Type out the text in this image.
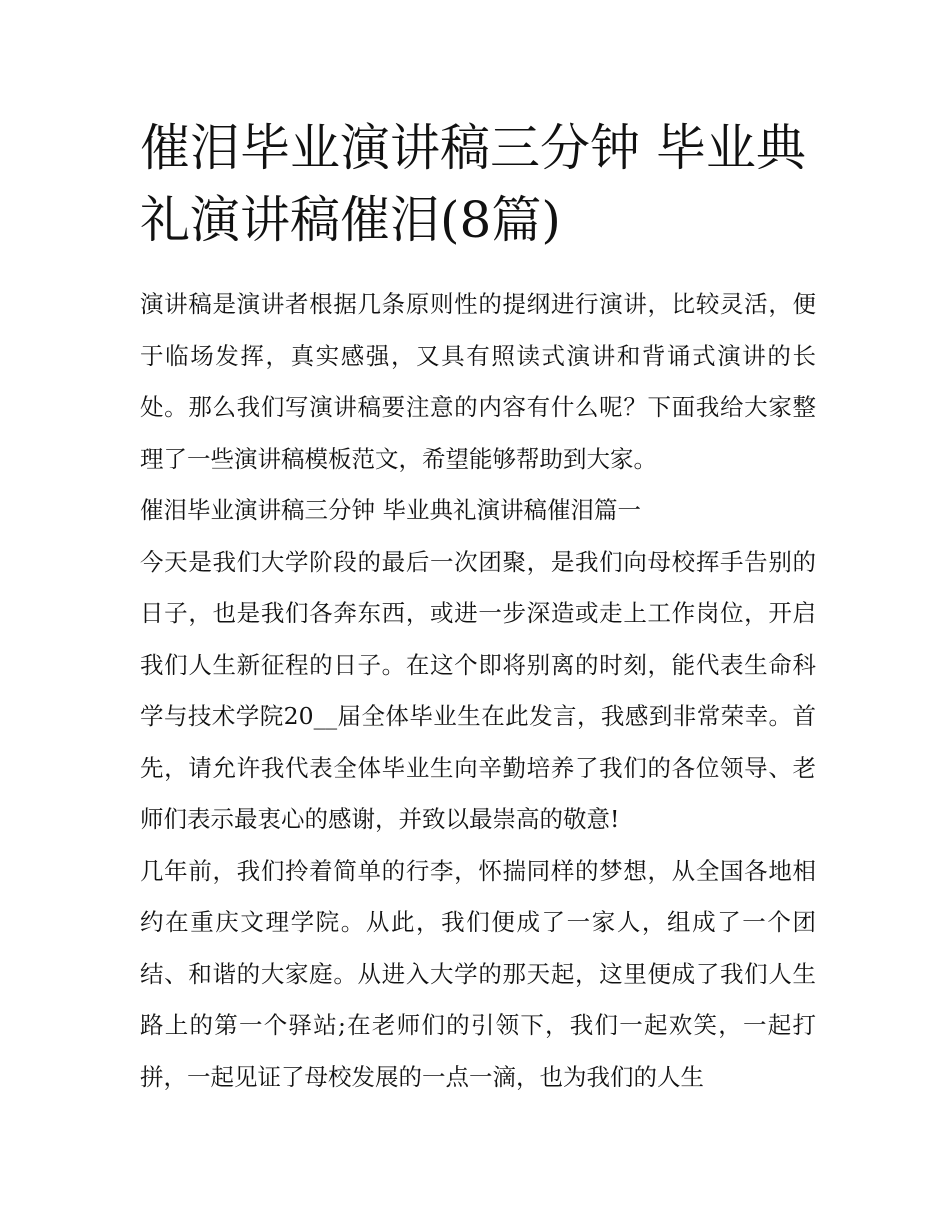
催泪毕业演讲稿三分钟 毕业典礼演讲稿催泪(8篇)

演讲稿是演讲者根据几条原则性的提纲进行演讲，比较灵活，便于临场发挥，真实感强，又具有照读式演讲和背诵式演讲的长处。那么我们写演讲稿要注意的内容有什么呢？下面我给大家整理了一些演讲稿模板范文，希望能够帮助到大家。

催泪毕业演讲稿三分钟 毕业典礼演讲稿催泪篇一

今天是我们大学阶段的最后一次团聚，是我们向母校挥手告别的日子，也是我们各奔东西，或进一步深造或走上工作岗位，开启我们人生新征程的日子。在这个即将别离的时刻，能代表生命科学与技术学院20__届全体毕业生在此发言，我感到非常荣幸。首先，请允许我代表全体毕业生向辛勤培养了我们的各位领导、老师们表示最衷心的感谢，并致以最崇高的敬意!

几年前，我们拎着简单的行李，怀揣同样的梦想，从全国各地相约在重庆文理学院。从此，我们便成了一家人，组成了一个团结、和谐的大家庭。从进入大学的那天起，这里便成了我们人生路上的第一个驿站;在老师们的引领下，我们一起欢笑，一起打拼，一起见证了母校发展的一点一滴，也为我们的人生
